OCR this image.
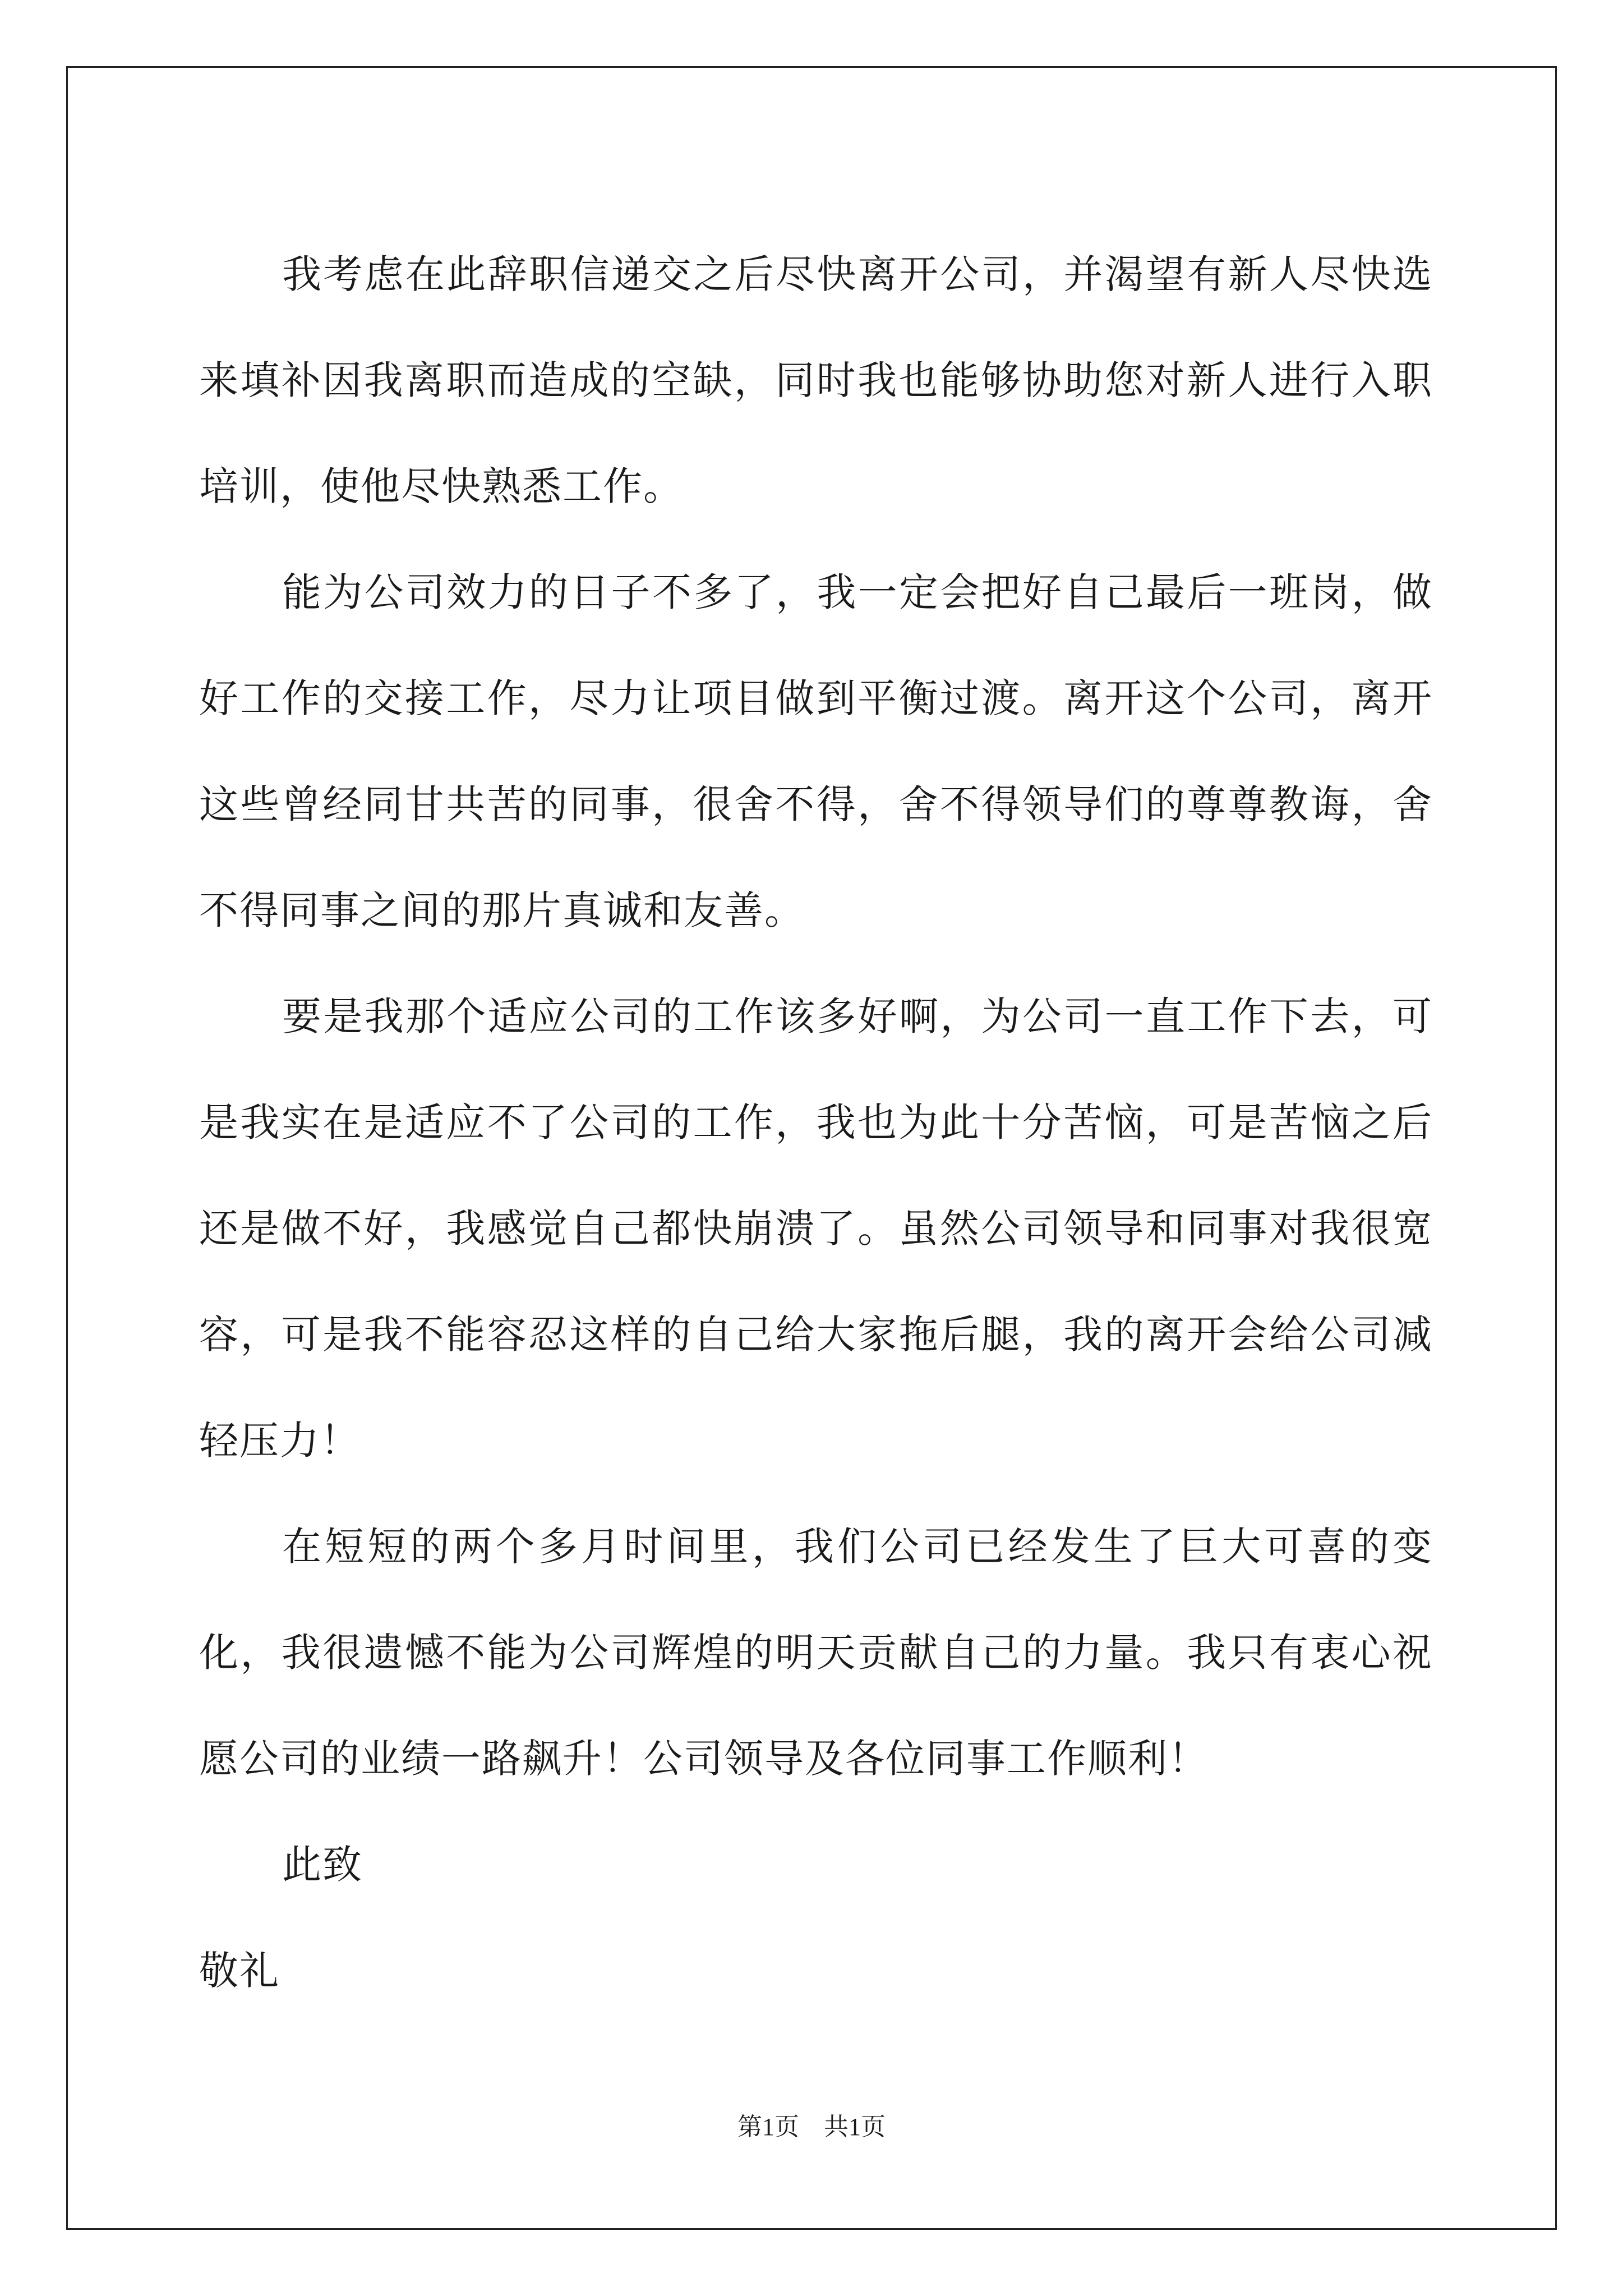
我考虑在此辞职信递交之后尽快离开公司，并渴望有新人尽快选来填补因我离职而造成的空缺，同时我也能够协助您对新人进行入职培训，使他尽快熟悉工作。

能为公司效力的日子不多了，我一定会把好自己最后一班岗，做好工作的交接工作，尽力让项目做到平衡过渡。离开这个公司，离开这些曾经同甘共苦的同事，很舍不得，舍不得领导们的尊尊教诲，舍不得同事之间的那片真诚和友善。

要是我那个适应公司的工作该多好啊，为公司一直工作下去，可是我实在是适应不了公司的工作，我也为此十分苦恼，可是苦恼之后还是做不好，我感觉自己都快崩溃了。虽然公司领导和同事对我很宽容，可是我不能容忍这样的自己给大家拖后腿，我的离开会给公司减轻压力！

在短短的两个多月时间里，我们公司已经发生了巨大可喜的变化，我很遗憾不能为公司辉煌的明天贡献自己的力量。我只有衷心祝愿公司的业绩一路飙升！公司领导及各位同事工作顺利！

此致

敬礼

第1页　共1页
